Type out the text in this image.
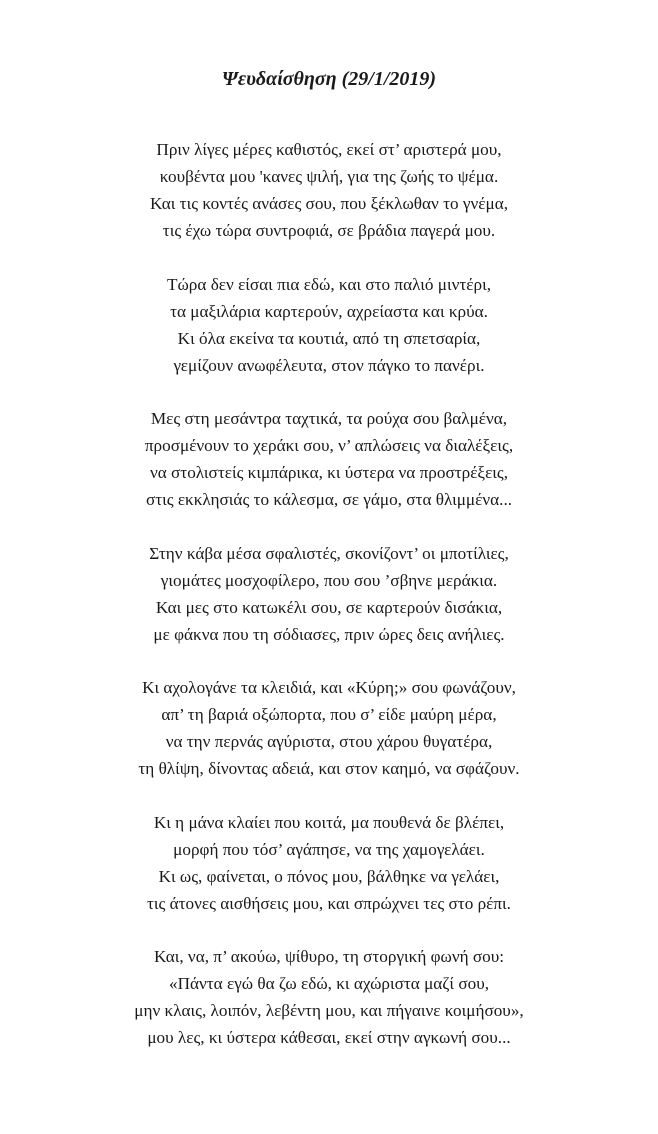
Ψευδαίσθηση (29/1/2019)
Πριν λίγες μέρες καθιστός, εκεί στ’ αριστερά μου,
κουβέντα μου 'κανες ψιλή, για της ζωής το ψέμα.
Και τις κοντές ανάσες σου, που ξέκλωθαν το γνέμα,
τις έχω τώρα συντροφιά, σε βράδια παγερά μου.
Τώρα δεν είσαι πια εδώ, και στο παλιό μιντέρι,
τα μαξιλάρια καρτερούν, αχρείαστα και κρύα.
Κι όλα εκείνα τα κουτιά, από τη σπετσαρία,
γεμίζουν ανωφέλευτα, στον πάγκο το πανέρι.
Μες στη μεσάντρα ταχτικά, τα ρούχα σου βαλμένα,
προσμένουν το χεράκι σου, ν’ απλώσεις να διαλέξεις,
να στολιστείς κιμπάρικα, κι ύστερα να προστρέξεις,
στις εκκλησιάς το κάλεσμα, σε γάμο, στα θλιμμένα...
Στην κάβα μέσα σφαλιστές, σκονίζοντ’ οι μποτίλιες,
γιομάτες μοσχοφίλερο, που σου ’σβηνε μεράκια.
Και μες στο κατωκέλι σου, σε καρτερούν δισάκια,
με φάκνα που τη σόδιασες, πριν ώρες δεις ανήλιες.
Κι αχολογάνε τα κλειδιά, και «Κύρη;» σου φωνάζουν,
απ’ τη βαριά οξώπορτα, που σ’ είδε μαύρη μέρα,
να την περνάς αγύριστα, στου χάρου θυγατέρα,
τη θλίψη, δίνοντας αδειά, και στον καημό, να σφάζουν.
Κι η μάνα κλαίει που κοιτά, μα πουθενά δε βλέπει,
μορφή που τόσ’ αγάπησε, να της χαμογελάει.
Κι ως, φαίνεται, ο πόνος μου, βάλθηκε να γελάει,
τις άτονες αισθήσεις μου, και σπρώχνει τες στο ρέπι.
Και, να, π’ ακούω, ψίθυρο, τη στοργική φωνή σου:
«Πάντα εγώ θα ζω εδώ, κι αχώριστα μαζί σου,
μην κλαις, λοιπόν, λεβέντη μου, και πήγαινε κοιμήσου»,
μου λες, κι ύστερα κάθεσαι, εκεί στην αγκωνή σου...
